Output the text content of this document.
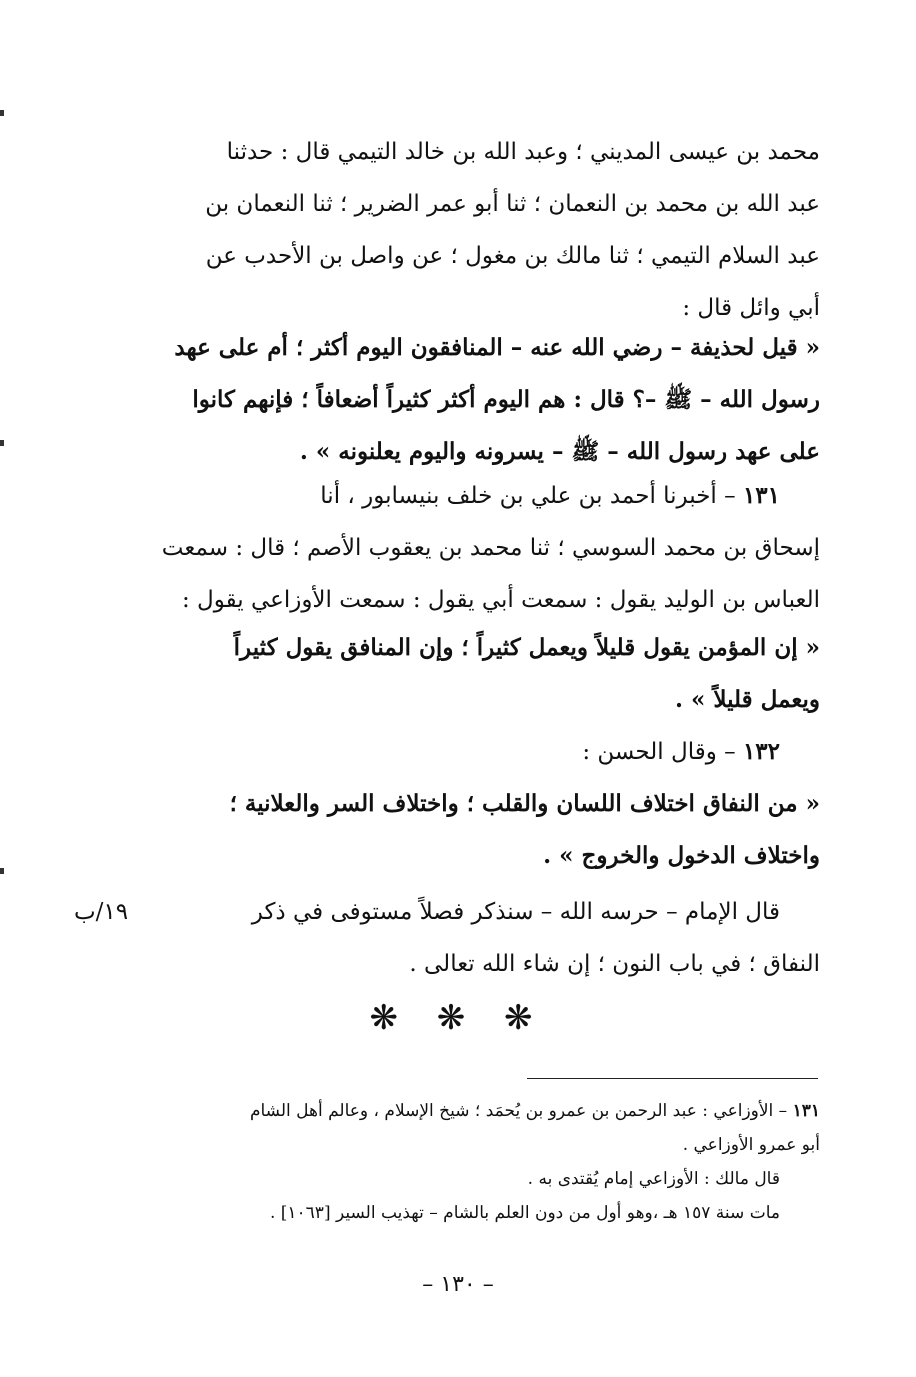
محمد بن عيسى المديني ؛ وعبد الله بن خالد التيمي قال : حدثنا
عبد الله بن محمد بن النعمان ؛ ثنا أبو عمر الضرير ؛ ثنا النعمان بن
عبد السلام التيمي ؛ ثنا مالك بن مغول ؛ عن واصل بن الأحدب عن
أبي وائل قال :
« قيل لحذيفة – رضي الله عنه – المنافقون اليوم أكثر ؛ أم على عهد
رسول الله – ﷺ –؟ قال : هم اليوم أكثر كثيراً أضعافاً ؛ فإنهم كانوا
على عهد رسول الله – ﷺ – يسرونه واليوم يعلنونه » .
١٣١ – أخبرنا أحمد بن علي بن خلف بنيسابور ، أنا
إسحاق بن محمد السوسي ؛ ثنا محمد بن يعقوب الأصم ؛ قال : سمعت
العباس بن الوليد يقول : سمعت أبي يقول : سمعت الأوزاعي يقول :
« إن المؤمن يقول قليلاً ويعمل كثيراً ؛ وإن المنافق يقول كثيراً
ويعمل قليلاً » .
١٣٢ – وقال الحسن :
« من النفاق اختلاف اللسان والقلب ؛ واختلاف السر والعلانية ؛
واختلاف الدخول والخروج » .
قال الإمام – حرسه الله – سنذكر فصلاً مستوفى في ذكر
النفاق ؛ في باب النون ؛ إن شاء الله تعالى .
١٩/ب
❋ ❋ ❋
١٣١ – الأوزاعي : عبد الرحمن بن عمرو بن يُحمَد ؛ شيخ الإسلام ، وعالم أهل الشام
أبو عمرو الأوزاعي .
قال مالك : الأوزاعي إمام يُقتدى به .
مات سنة ١٥٧ هـ ،وهو أول من دون العلم بالشام – تهذيب السير [١٠٦٣] .
– ١٣٠ –
